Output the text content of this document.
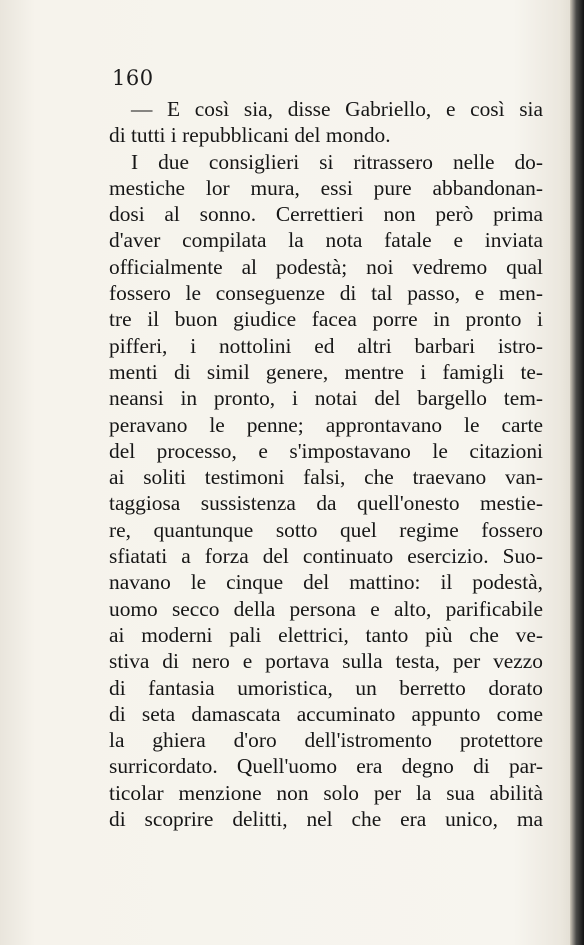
160

— E così sia, disse Gabriello, e così sia

di tutti i repubblicani del mondo.

I due consiglieri si ritrassero nelle do-

mestiche lor mura, essi pure abbandonan-

dosi al sonno. Cerrettieri non però prima

d'aver compilata la nota fatale e inviata

officialmente al podestà; noi vedremo qual

fossero le conseguenze di tal passo, e men-

tre il buon giudice facea porre in pronto i

pifferi, i nottolini ed altri barbari istro-

menti di simil genere, mentre i famigli te-

neansi in pronto, i notai del bargello tem-

peravano le penne; approntavano le carte

del processo, e s'impostavano le citazioni

ai soliti testimoni falsi, che traevano van-

taggiosa sussistenza da quell'onesto mestie-

re, quantunque sotto quel regime fossero

sfiatati a forza del continuato esercizio. Suo-

navano le cinque del mattino: il podestà,

uomo secco della persona e alto, parificabile

ai moderni pali elettrici, tanto più che ve-

stiva di nero e portava sulla testa, per vezzo

di fantasia umoristica, un berretto dorato

di seta damascata accuminato appunto come

la ghiera d'oro dell'istromento protettore

surricordato. Quell'uomo era degno di par-

ticolar menzione non solo per la sua abilità

di scoprire delitti, nel che era unico, ma
